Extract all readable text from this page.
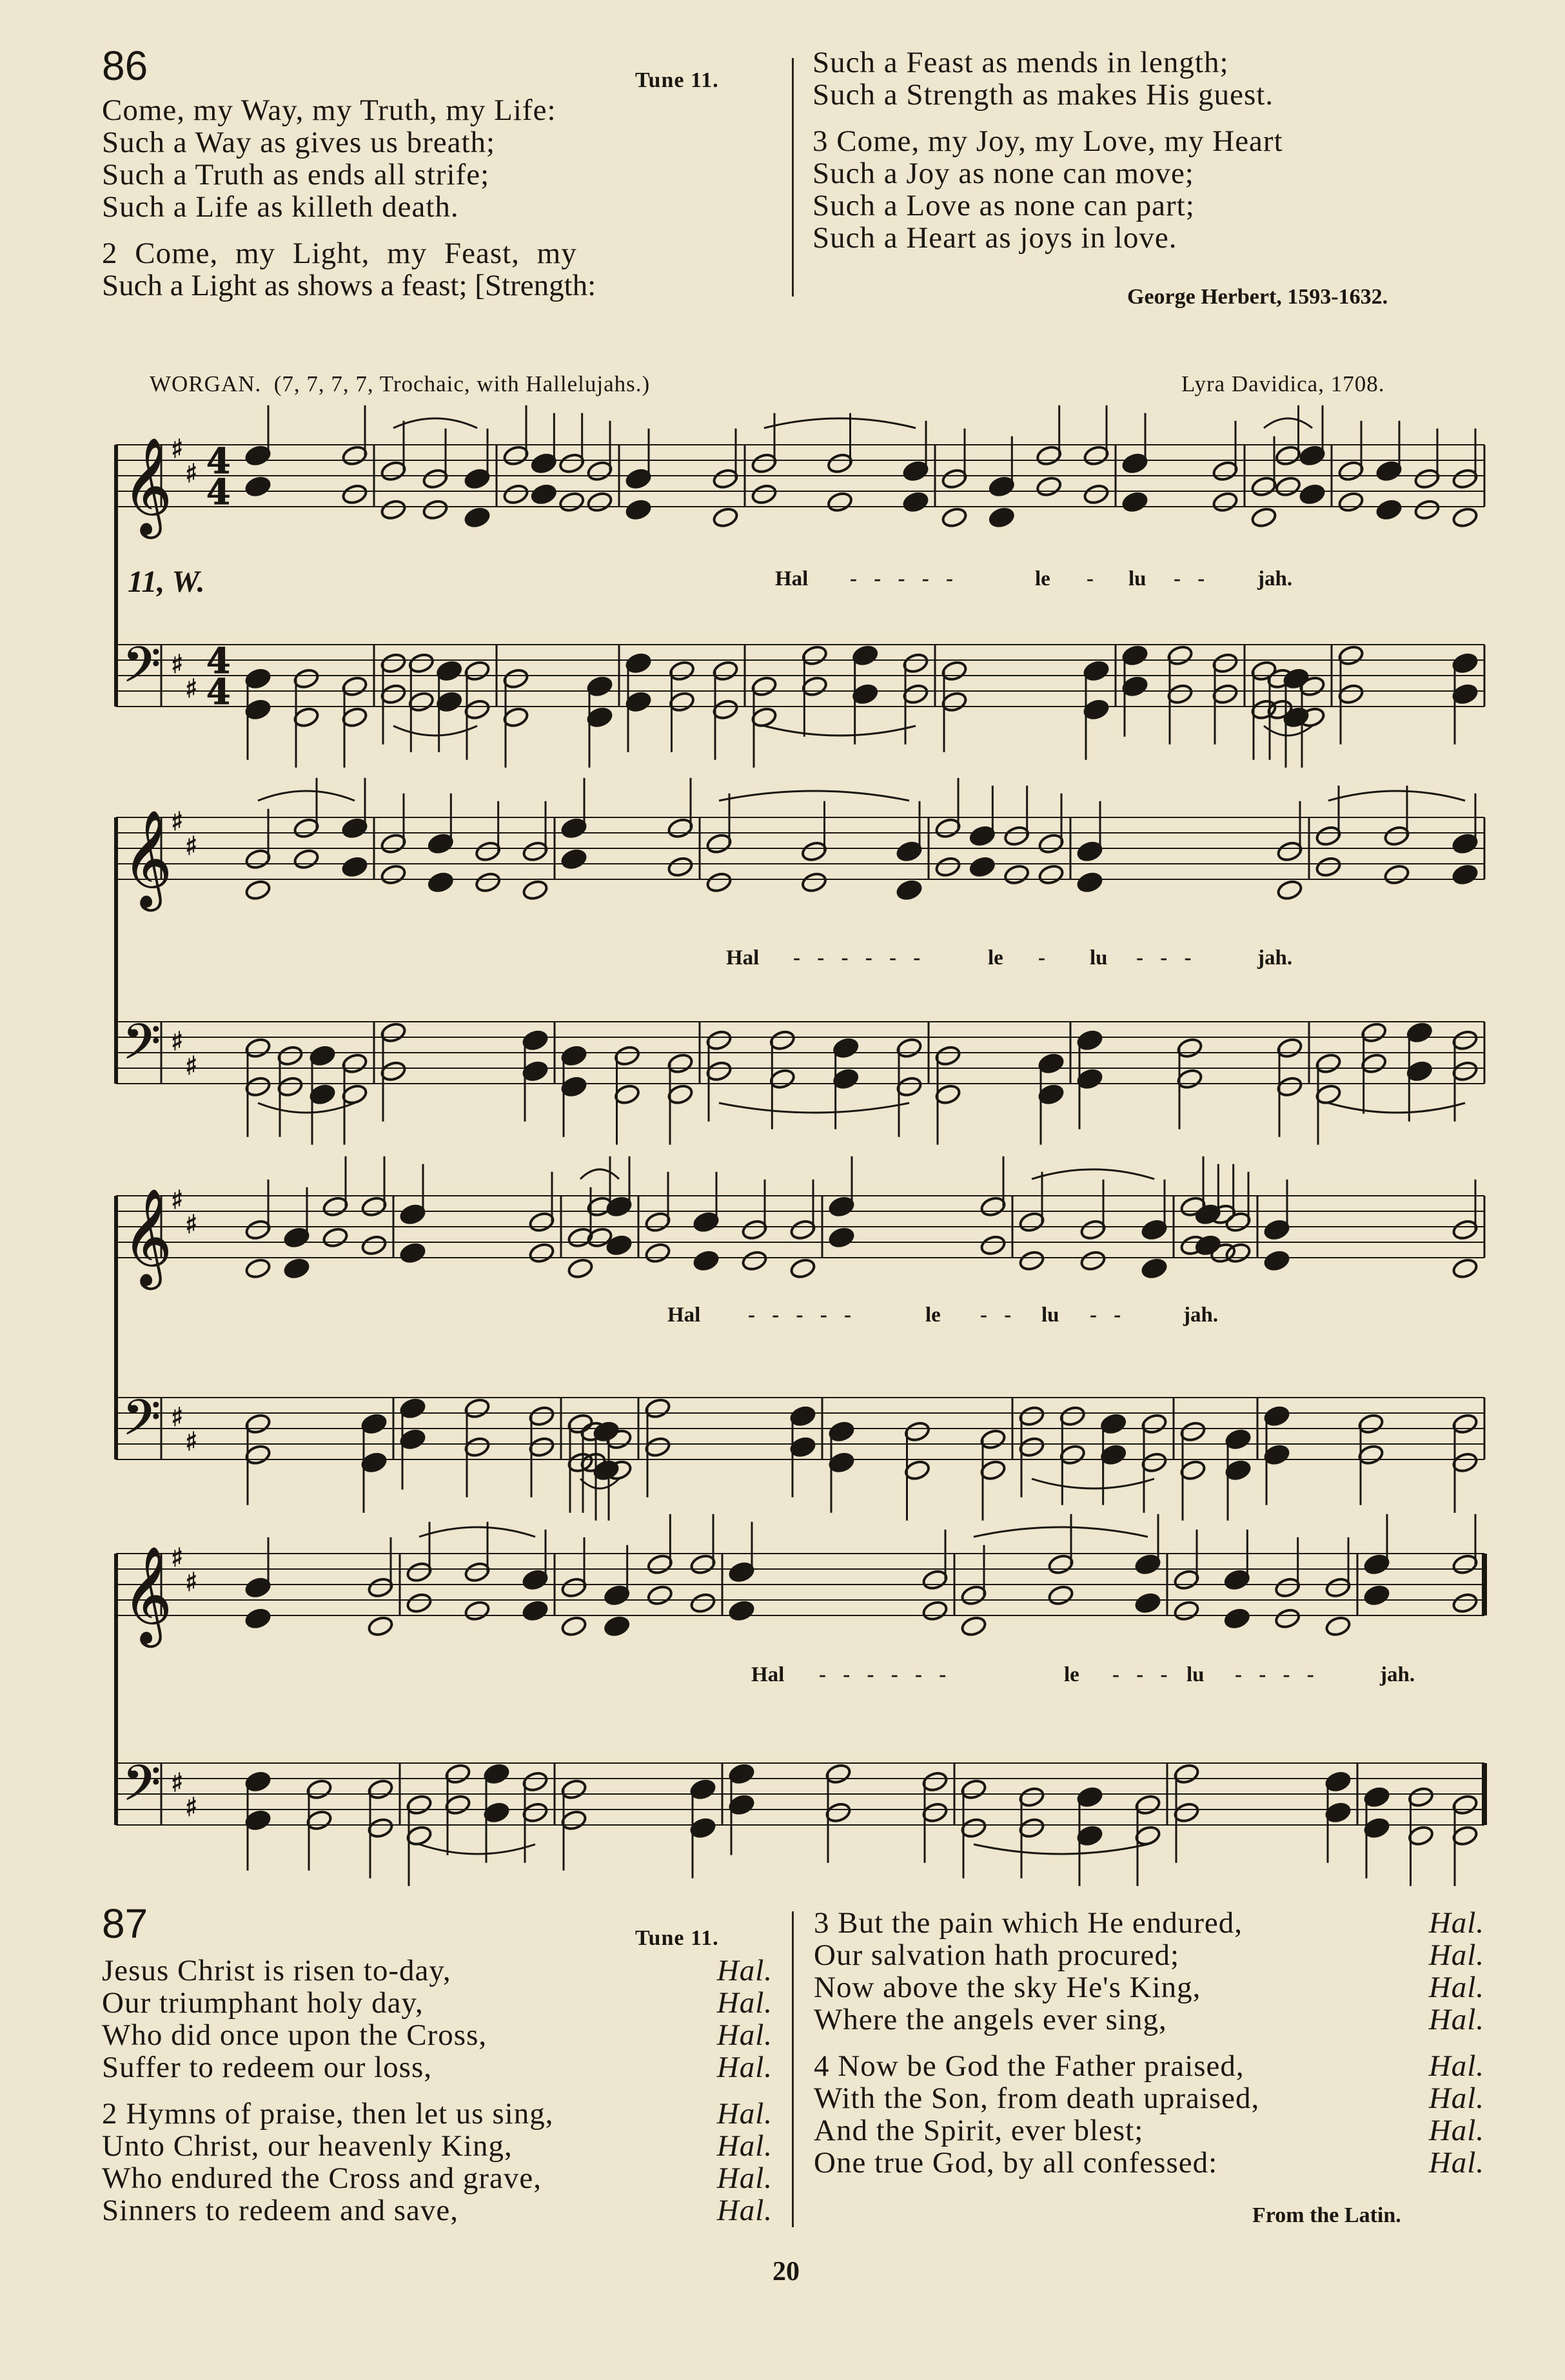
86	Tune 11.
Come, my Way, my Truth, my Life:
Such a Way as gives us breath;
Such a Truth as ends all strife;
Such a Life as killeth death.
2 Come, my Light, my Feast, my
Such a Light as shows a feast; [Strength:
Such a Feast as mends in length;
Such a Strength as makes His guest.
3 Come, my Joy, my Love, my Heart
Such a Joy as none can move;
Such a Love as none can part;
Such a Heart as joys in love.
George Herbert, 1593-1632.
WORGAN. (7, 7, 7, 7, Trochaic, with Hallelujahs.)	Lyra Davidica, 1708.
𝄞
♯
♯ 4
4
𝄢 ♯
♯
4
4
𝄞
♯
♯
𝄢 ♯
♯
𝄞
♯
♯
𝄢 ♯
♯
𝄞
♯
♯
𝄢 ♯
♯
11, W.	Hal - - - - -	le - lu - - jah.
Hal - - - - - -	le - lu - - -	jah.
Hal - - - - -	le - - lu - -	jah.
Hal - - - - - -	le - - - lu - - - -	jah.
87	Tune 11.
Jesus Christ is risen to-day,	Hal.
Our triumphant holy day,	Hal.
Who did once upon the Cross,	Hal.
Suffer to redeem our loss,	Hal.
2 Hymns of praise, then let us sing,	Hal.
Unto Christ, our heavenly King,	Hal.
Who endured the Cross and grave,	Hal.
Sinners to redeem and save,	Hal.
3 But the pain which He endured,	Hal.
Our salvation hath procured;	Hal.
Now above the sky He's King,	Hal.
Where the angels ever sing,	Hal.
4 Now be God the Father praised,	Hal.
With the Son, from death upraised,	Hal.
And the Spirit, ever blest;	Hal.
One true God, by all confessed:	Hal.
From the Latin.
20
